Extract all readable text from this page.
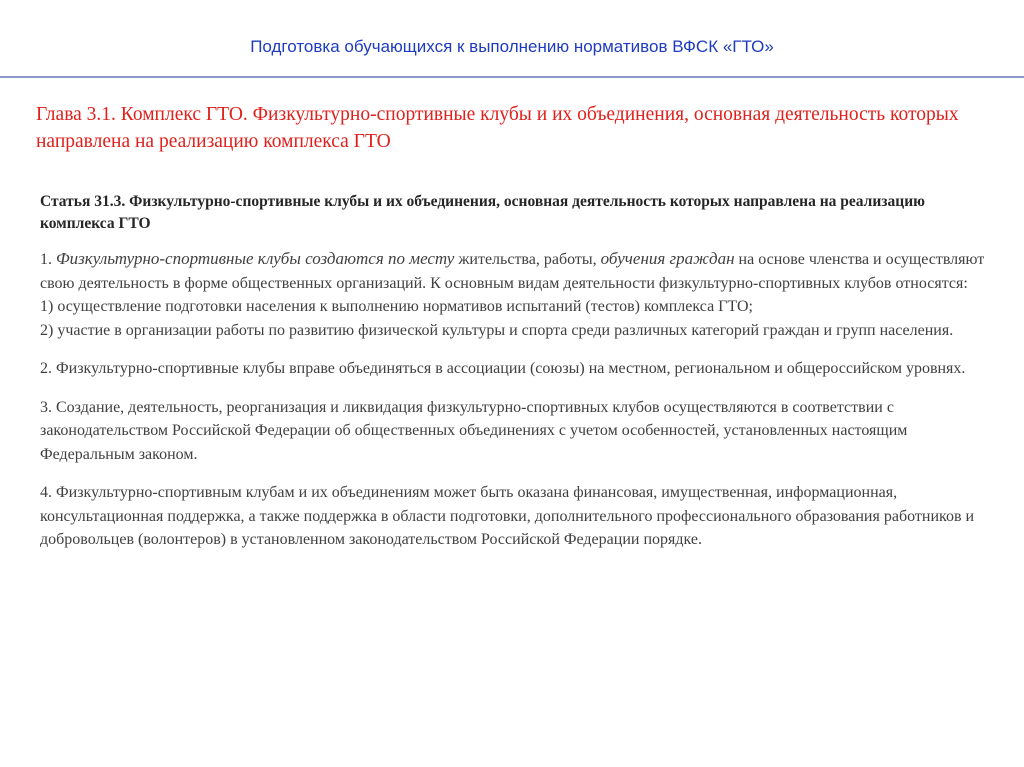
Подготовка обучающихся к выполнению нормативов ВФСК «ГТО»
Глава 3.1. Комплекс ГТО. Физкультурно-спортивные клубы и их объединения, основная деятельность которых направлена на реализацию комплекса ГТО
Статья 31.3. Физкультурно-спортивные клубы и их объединения, основная деятельность которых направлена на реализацию комплекса ГТО
1. Физкультурно-спортивные клубы создаются по месту жительства, работы, обучения граждан на основе членства и осуществляют свою деятельность в форме общественных организаций. К основным видам деятельности физкультурно-спортивных клубов относятся:
1) осуществление подготовки населения к выполнению нормативов испытаний (тестов) комплекса ГТО;
2) участие в организации работы по развитию физической культуры и спорта среди различных категорий граждан и групп населения.
2. Физкультурно-спортивные клубы вправе объединяться в ассоциации (союзы) на местном, региональном и общероссийском уровнях.
3. Создание, деятельность, реорганизация и ликвидация физкультурно-спортивных клубов осуществляются в соответствии с законодательством Российской Федерации об общественных объединениях с учетом особенностей, установленных настоящим Федеральным законом.
4. Физкультурно-спортивным клубам и их объединениям может быть оказана финансовая, имущественная, информационная, консультационная поддержка, а также поддержка в области подготовки, дополнительного профессионального образования работников и добровольцев (волонтеров) в установленном законодательством Российской Федерации порядке.
